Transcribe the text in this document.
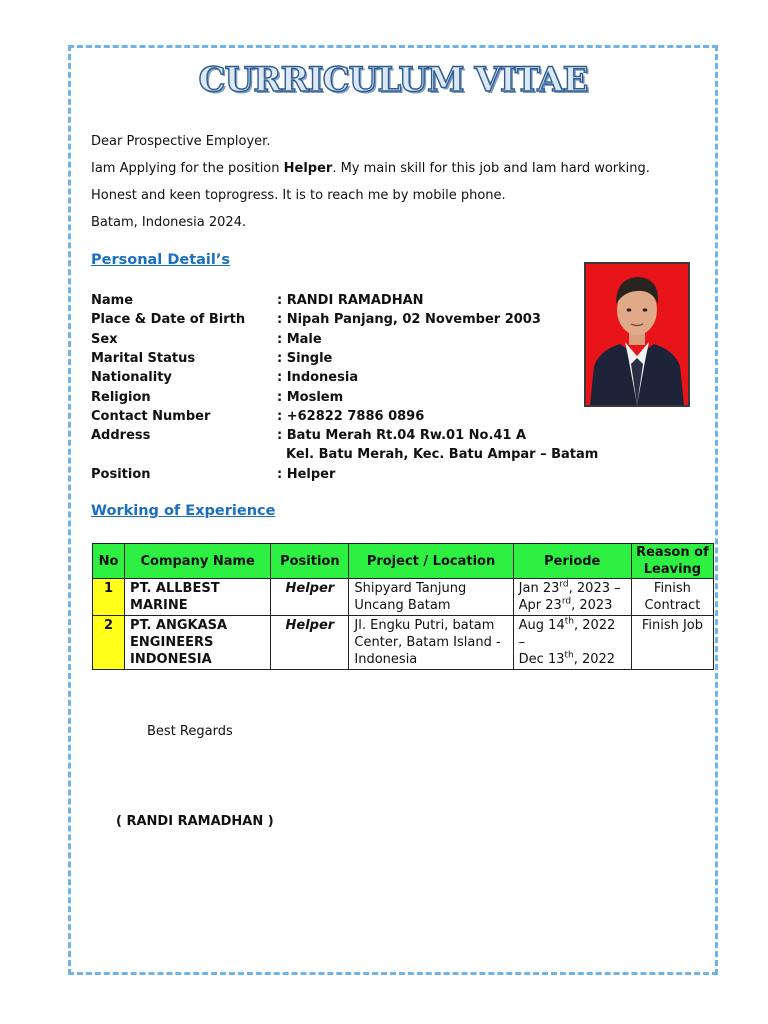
CURRICULUM VITAE
Dear Prospective Employer.
Iam Applying for the position Helper. My main skill for this job and Iam hard working.
Honest and keen toprogress. It is to reach me by mobile phone.
Batam, Indonesia 2024.
Personal Detail’s
Name	: RANDI RAMADHAN
Place & Date of Birth : Nipah Panjang, 02 November 2003
Sex	: Male
Marital Status	: Single
Nationality	: Indonesia
Religion	: Moslem
Contact Number	: +62822 7886 0896
Address	: Batu Merah Rt.04 Rw.01 No.41 A
Kel. Batu Merah, Kec. Batu Ampar – Batam
Position	: Helper
Working of Experience
No	Company Name	Position	Project / Location	Periode	Reason of Leaving
1	PT. ALLBEST MARINE	Helper	Shipyard Tanjung Uncang Batam	Jan 23rd, 2023 –
Apr 23rd, 2023	Finish Contract
2	PT. ANGKASA ENGINEERS INDONESIA	Helper	Jl. Engku Putri, batam Center, Batam Island - Indonesia	Aug 14th, 2022 –
Dec 13th, 2022	Finish Job
Best Regards
( RANDI RAMADHAN )
